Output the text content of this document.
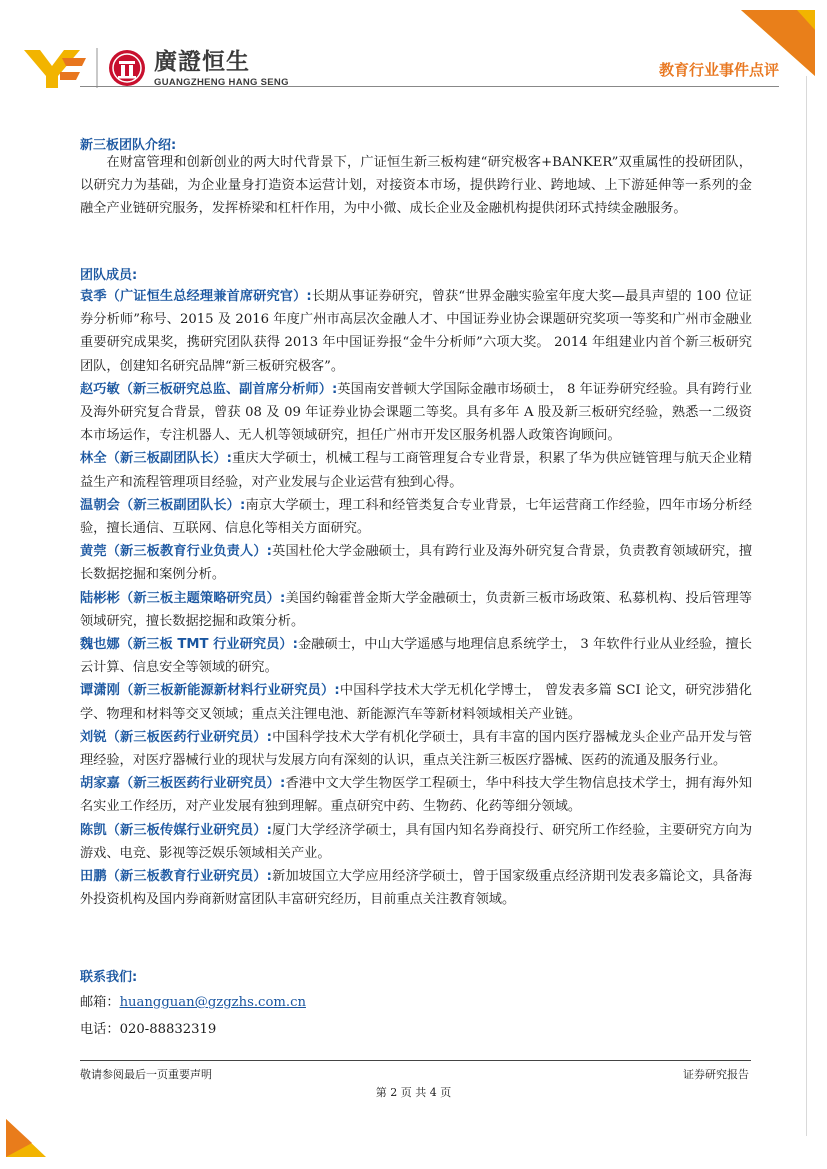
廣證恒生
GUANGZHENG HANG SENG
教育行业事件点评
新三板团队介绍:

在财富管理和创新创业的两大时代背景下，广证恒生新三板构建“研究极客+BANKER”双重属性的投研团队，以研究力为基础，为企业量身打造资本运营计划，对接资本市场，提供跨行业、跨地域、上下游延伸等一系列的金融全产业链研究服务，发挥桥梁和杠杆作用，为中小微、成长企业及金融机构提供闭环式持续金融服务。

团队成员:

袁季（广证恒生总经理兼首席研究官）:长期从事证券研究，曾获“世界金融实验室年度大奖—最具声望的 100 位证券分析师”称号、2015 及 2016 年度广州市高层次金融人才、中国证券业协会课题研究奖项一等奖和广州市金融业重要研究成果奖，携研究团队获得 2013 年中国证券报“金牛分析师”六项大奖。 2014 年组建业内首个新三板研究团队，创建知名研究品牌“新三板研究极客”。

赵巧敏（新三板研究总监、副首席分析师）:英国南安普顿大学国际金融市场硕士， 8 年证券研究经验。具有跨行业及海外研究复合背景，曾获 08 及 09 年证券业协会课题二等奖。具有多年 A 股及新三板研究经验，熟悉一二级资本市场运作，专注机器人、无人机等领域研究，担任广州市开发区服务机器人政策咨询顾问。

林全（新三板副团队长）:重庆大学硕士，机械工程与工商管理复合专业背景，积累了华为供应链管理与航天企业精益生产和流程管理项目经验，对产业发展与企业运营有独到心得。

温朝会（新三板副团队长）:南京大学硕士，理工科和经管类复合专业背景，七年运营商工作经验，四年市场分析经验，擅长通信、互联网、信息化等相关方面研究。

黄莞（新三板教育行业负责人）:英国杜伦大学金融硕士，具有跨行业及海外研究复合背景，负责教育领域研究，擅长数据挖掘和案例分析。

陆彬彬（新三板主题策略研究员）:美国约翰霍普金斯大学金融硕士，负责新三板市场政策、私募机构、投后管理等领域研究，擅长数据挖掘和政策分析。

魏也娜（新三板 TMT 行业研究员）:金融硕士，中山大学遥感与地理信息系统学士， 3 年软件行业从业经验，擅长云计算、信息安全等领域的研究。

谭潇刚（新三板新能源新材料行业研究员）:中国科学技术大学无机化学博士， 曾发表多篇 SCI 论文，研究涉猎化学、物理和材料等交叉领域；重点关注锂电池、新能源汽车等新材料领域相关产业链。

刘锐（新三板医药行业研究员）:中国科学技术大学有机化学硕士，具有丰富的国内医疗器械龙头企业产品开发与管理经验，对医疗器械行业的现状与发展方向有深刻的认识，重点关注新三板医疗器械、医药的流通及服务行业。

胡家嘉（新三板医药行业研究员）:香港中文大学生物医学工程硕士，华中科技大学生物信息技术学士，拥有海外知名实业工作经历，对产业发展有独到理解。重点研究中药、生物药、化药等细分领域。

陈凯（新三板传媒行业研究员）:厦门大学经济学硕士，具有国内知名券商投行、研究所工作经验，主要研究方向为游戏、电竞、影视等泛娱乐领域相关产业。

田鹏（新三板教育行业研究员）:新加坡国立大学应用经济学硕士，曾于国家级重点经济期刊发表多篇论文，具备海外投资机构及国内券商新财富团队丰富研究经历，目前重点关注教育领域。

联系我们:
邮箱：huangguan@gzgzhs.com.cn
电话：020-88832319
敬请参阅最后一页重要声明	证券研究报告
第 2 页 共 4 页
